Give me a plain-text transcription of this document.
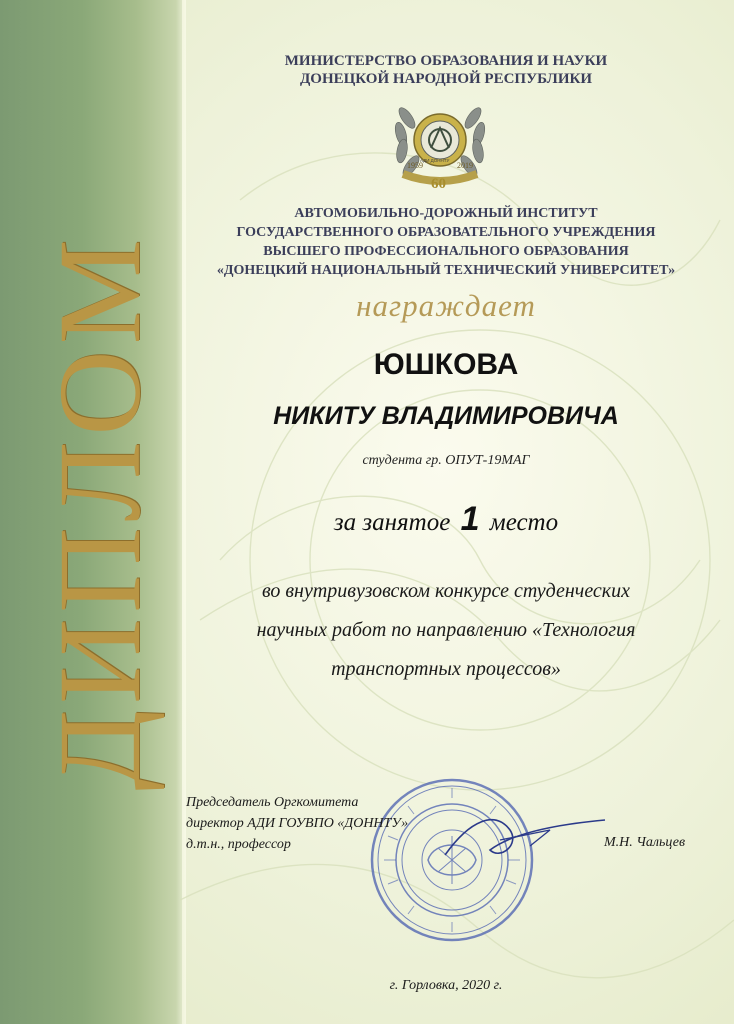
ДИПЛОМ
МИНИСТЕРСТВО ОБРАЗОВАНИЯ И НАУКИ
ДОНЕЦКОЙ НАРОДНОЙ РЕСПУБЛИКИ
1959	2019
60
АДИ ДОННТУ
АВТОМОБИЛЬНО-ДОРОЖНЫЙ ИНСТИТУТ
ГОСУДАРСТВЕННОГО ОБРАЗОВАТЕЛЬНОГО УЧРЕЖДЕНИЯ
ВЫСШЕГО ПРОФЕССИОНАЛЬНОГО ОБРАЗОВАНИЯ
«ДОНЕЦКИЙ НАЦИОНАЛЬНЫЙ ТЕХНИЧЕСКИЙ УНИВЕРСИТЕТ»
награждает
ЮШКОВА
НИКИТУ ВЛАДИМИРОВИЧА
студента гр. ОПУТ-19МАГ
за занятое 1 место
во внутривузовском конкурсе студенческих
научных работ по направлению «Технология
транспортных процессов»
Председатель Оргкомитета
директор АДИ ГОУВПО «ДОННТУ»
д.т.н., профессор	М.Н. Чальцев
г. Горловка, 2020 г.
